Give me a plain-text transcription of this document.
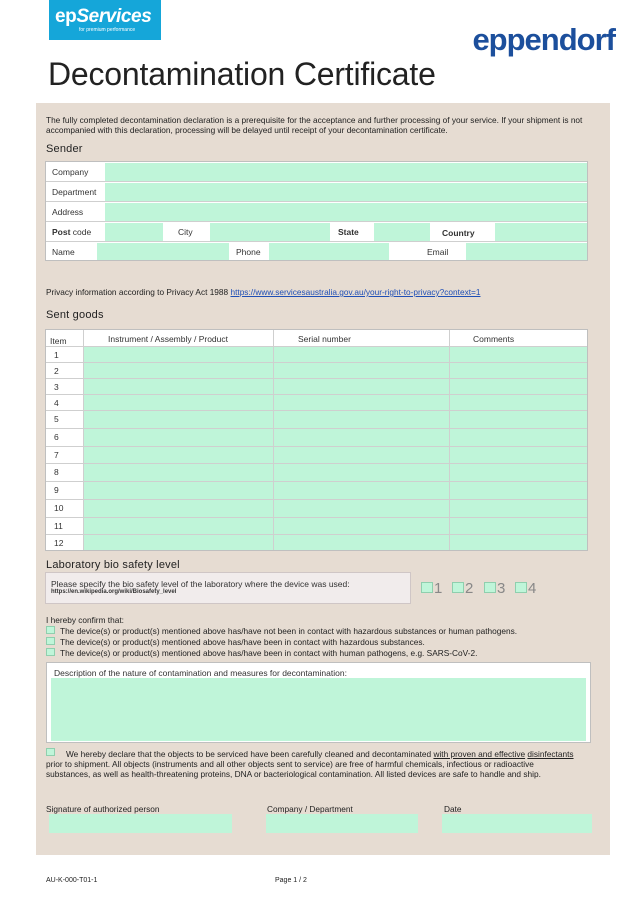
epServices
for premium performance	eppendorf
Decontamination Certificate
The fully completed decontamination declaration is a prerequisite for the acceptance and further processing of your service. If your shipment is not accompanied with this declaration, processing will be delayed until receipt of your decontamination certificate.
Sender
Company
Department
Address
Post code	City	State	Country
Name	Phone	Email
Privacy information according to Privacy Act 1988 https://www.servicesaustralia.gov.au/your-right-to-privacy?context=1
Sent goods
Item	Instrument / Assembly / Product	Serial number	Comments
1
2
3
4
5
6
7
8
9
10
11
12
Laboratory bio safety level
Please specify the bio safety level of the laboratory where the device was used:
https://en.wikipedia.org/wiki/Biosafety_level	1 2 3 4
I hereby confirm that:
The device(s) or product(s) mentioned above has/have not been in contact with hazardous substances or human pathogens.
The device(s) or product(s) mentioned above has/have been in contact with hazardous substances.
The device(s) or product(s) mentioned above has/have been in contact with human pathogens, e.g. SARS-CoV-2.
Description of the nature of contamination and measures for decontamination:
We hereby declare that the objects to be serviced have been carefully cleaned and decontaminated with proven and effective disinfectants prior to shipment. All objects (instruments and all other objects sent to service) are free of harmful chemicals, infectious or radioactive substances, as well as health-threatening proteins, DNA or bacteriological contamination. All listed devices are safe to handle and ship.
Signature of authorized person	Company / Department	Date
AU-K-000-T01-1	Page 1 / 2
